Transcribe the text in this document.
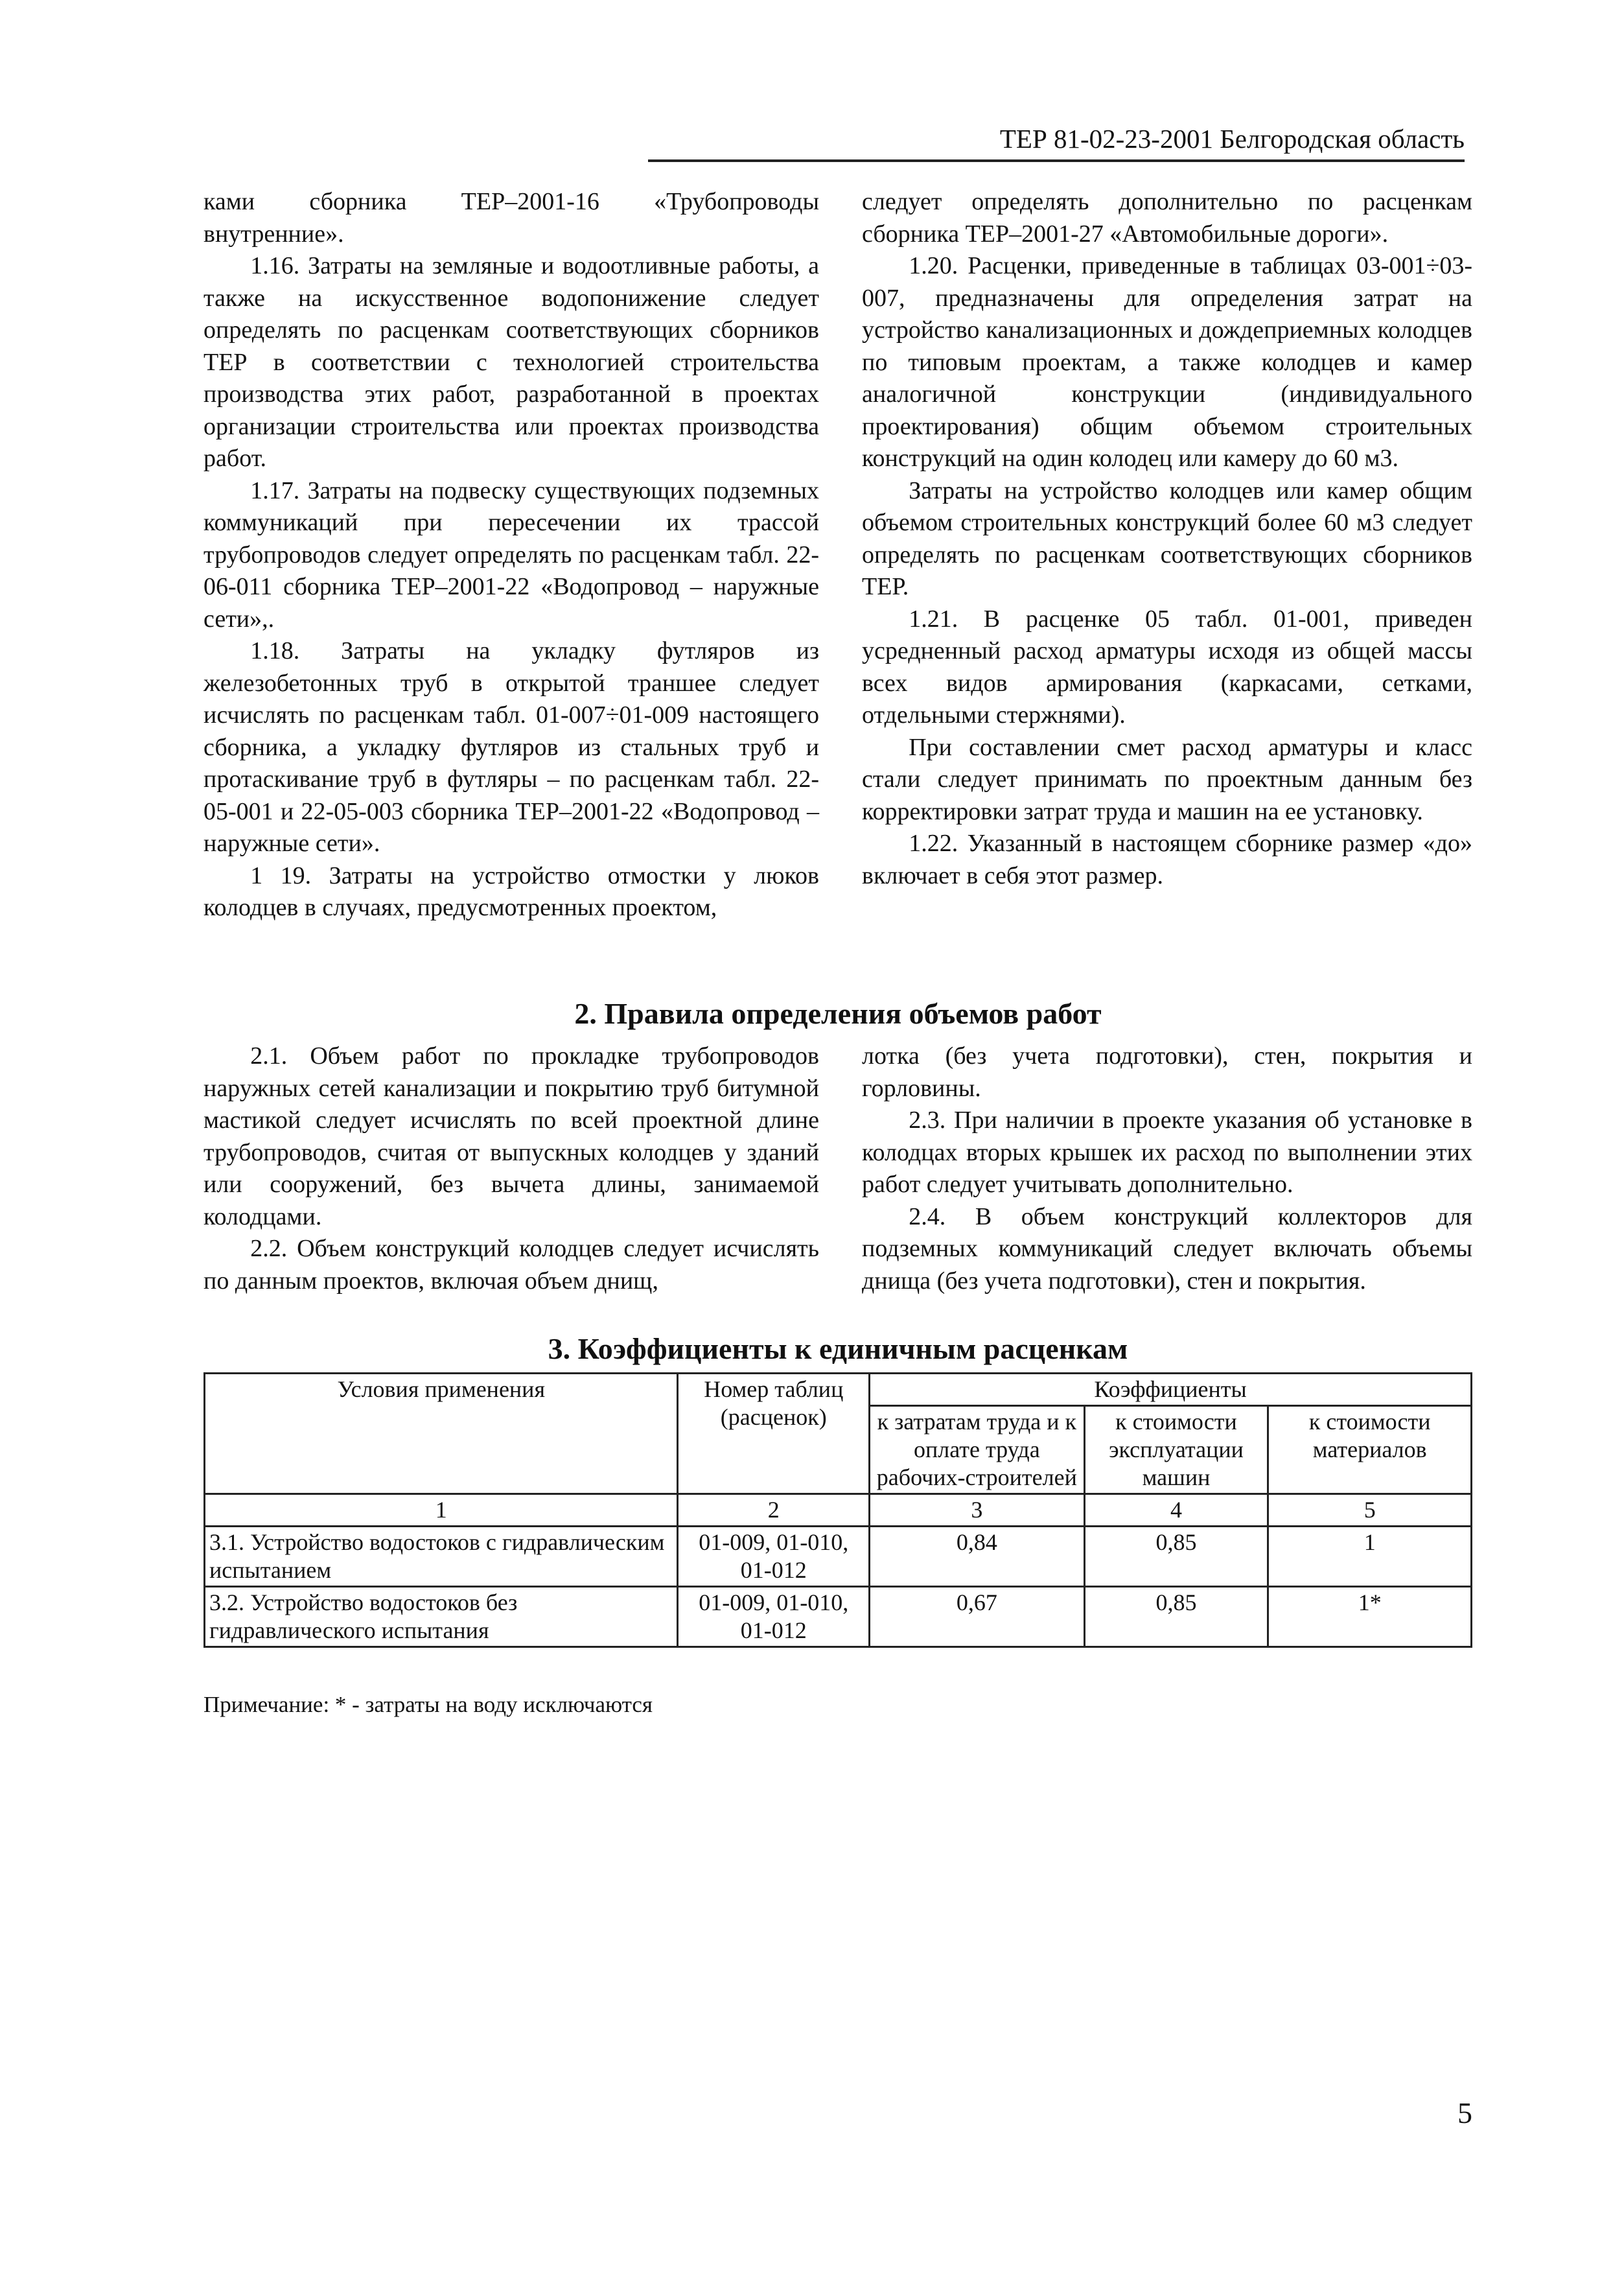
ТЕР 81-02-23-2001 Белгородская область

ками сборника ТЕР–2001-16 «Трубопроводы внутренние».

1.16. Затраты на земляные и водоотливные работы, а также на искусственное водопонижение следует определять по расценкам соответствующих сборников ТЕР в соответствии с технологией строительства производства этих работ, разработанной в проектах организации строительства или проектах производства работ.

1.17. Затраты на подвеску существующих подземных коммуникаций при пересечении их трассой трубопроводов следует определять по расценкам табл. 22-06-011 сборника ТЕР–2001-22 «Водопровод – наружные сети»,.

1.18. Затраты на укладку футляров из железобетонных труб в открытой траншее следует исчислять по расценкам табл. 01-007÷01-009 настоящего сборника, а укладку футляров из стальных труб и протаскивание труб в футляры – по расценкам табл. 22-05-001 и 22-05-003 сборника ТЕР–2001-22 «Водопровод – наружные сети».

1 19. Затраты на устройство отмостки у люков колодцев в случаях, предусмотренных проектом,

следует определять дополнительно по расценкам сборника ТЕР–2001-27 «Автомобильные дороги».

1.20. Расценки, приведенные в таблицах 03-001÷03-007, предназначены для определения затрат на устройство канализационных и дождеприемных колодцев по типовым проектам, а также колодцев и камер аналогичной конструкции (индивидуального проектирования) общим объемом строительных конструкций на один колодец или камеру до 60 м3.

Затраты на устройство колодцев или камер общим объемом строительных конструкций более 60 м3 следует определять по расценкам соответствующих сборников ТЕР.

1.21. В расценке 05 табл. 01-001, приведен усредненный расход арматуры исходя из общей массы всех видов армирования (каркасами, сетками, отдельными стержнями).

При составлении смет расход арматуры и класс стали следует принимать по проектным данным без корректировки затрат труда и машин на ее установку.

1.22. Указанный в настоящем сборнике размер «до» включает в себя этот размер.

2. Правила определения объемов работ

2.1. Объем работ по прокладке трубопроводов наружных сетей канализации и покрытию труб битумной мастикой следует исчислять по всей проектной длине трубопроводов, считая от выпускных колодцев у зданий или сооружений, без вычета длины, занимаемой колодцами.

2.2. Объем конструкций колодцев следует исчислять по данным проектов, включая объем днищ,

лотка (без учета подготовки), стен, покрытия и горловины.

2.3. При наличии в проекте указания об установке в колодцах вторых крышек их расход по выполнении этих работ следует учитывать дополнительно.

2.4. В объем конструкций коллекторов для подземных коммуникаций следует включать объемы днища (без учета подготовки), стен и покрытия.

3. Коэффициенты к единичным расценкам
Условия применения	Номер таблиц (расценок)	Коэффициенты		
		к затратам труда и к оплате труда рабочих-строителей	к стоимости эксплуатации машин	к стоимости материалов
1	2	3	4	5
3.1. Устройство водостоков с гидравлическим испытанием	01-009, 01-010, 01-012	0,84	0,85	1
3.2. Устройство водостоков без гидравлического испытания	01-009, 01-010, 01-012	0,67	0,85	1*
Примечание: * - затраты на воду исключаются
5
